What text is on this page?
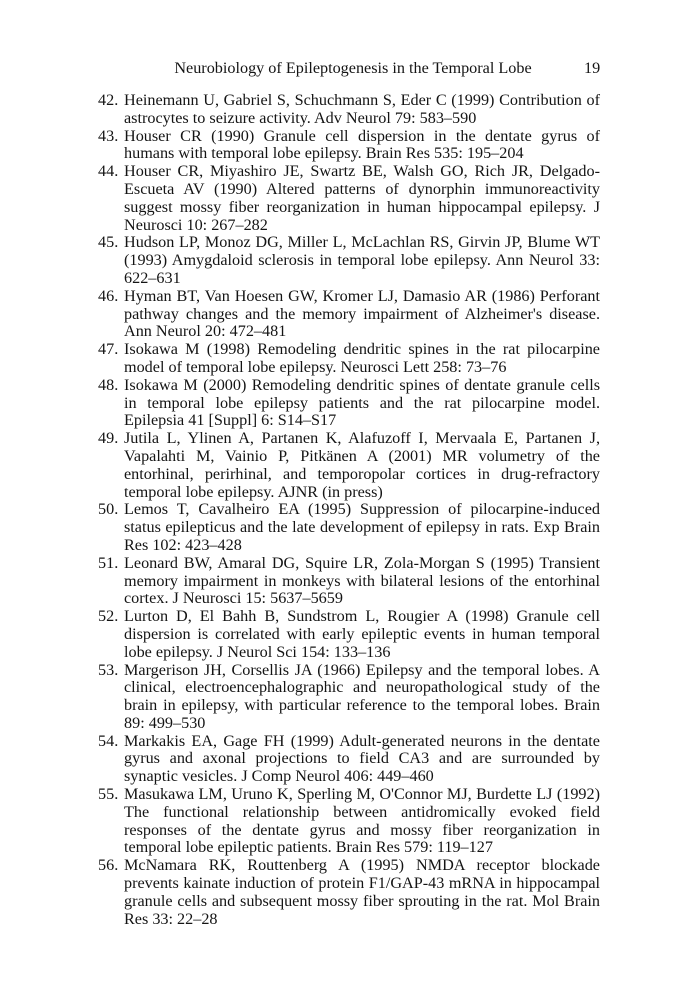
Neurobiology of Epileptogenesis in the Temporal Lobe	19
42. Heinemann U, Gabriel S, Schuchmann S, Eder C (1999) Contribution of astrocytes to seizure activity. Adv Neurol 79: 583–590
43. Houser CR (1990) Granule cell dispersion in the dentate gyrus of humans with temporal lobe epilepsy. Brain Res 535: 195–204
44. Houser CR, Miyashiro JE, Swartz BE, Walsh GO, Rich JR, Delgado-Escueta AV (1990) Altered patterns of dynorphin immunoreactivity suggest mossy fiber reorganization in human hippocampal epilepsy. J Neurosci 10: 267–282
45. Hudson LP, Monoz DG, Miller L, McLachlan RS, Girvin JP, Blume WT (1993) Amygdaloid sclerosis in temporal lobe epilepsy. Ann Neurol 33: 622–631
46. Hyman BT, Van Hoesen GW, Kromer LJ, Damasio AR (1986) Perforant pathway changes and the memory impairment of Alzheimer's disease. Ann Neurol 20: 472–481
47. Isokawa M (1998) Remodeling dendritic spines in the rat pilocarpine model of temporal lobe epilepsy. Neurosci Lett 258: 73–76
48. Isokawa M (2000) Remodeling dendritic spines of dentate granule cells in temporal lobe epilepsy patients and the rat pilocarpine model. Epilepsia 41 [Suppl] 6: S14–S17
49. Jutila L, Ylinen A, Partanen K, Alafuzoff I, Mervaala E, Partanen J, Vapalahti M, Vainio P, Pitkänen A (2001) MR volumetry of the entorhinal, perirhinal, and temporopolar cortices in drug-refractory temporal lobe epilepsy. AJNR (in press)
50. Lemos T, Cavalheiro EA (1995) Suppression of pilocarpine-induced status epilepticus and the late development of epilepsy in rats. Exp Brain Res 102: 423–428
51. Leonard BW, Amaral DG, Squire LR, Zola-Morgan S (1995) Transient memory impairment in monkeys with bilateral lesions of the entorhinal cortex. J Neurosci 15: 5637–5659
52. Lurton D, El Bahh B, Sundstrom L, Rougier A (1998) Granule cell dispersion is correlated with early epileptic events in human temporal lobe epilepsy. J Neurol Sci 154: 133–136
53. Margerison JH, Corsellis JA (1966) Epilepsy and the temporal lobes. A clinical, electroencephalographic and neuropathological study of the brain in epilepsy, with particular reference to the temporal lobes. Brain 89: 499–530
54. Markakis EA, Gage FH (1999) Adult-generated neurons in the dentate gyrus and axonal projections to field CA3 and are surrounded by synaptic vesicles. J Comp Neurol 406: 449–460
55. Masukawa LM, Uruno K, Sperling M, O'Connor MJ, Burdette LJ (1992) The functional relationship between antidromically evoked field responses of the dentate gyrus and mossy fiber reorganization in temporal lobe epileptic patients. Brain Res 579: 119–127
56. McNamara RK, Routtenberg A (1995) NMDA receptor blockade prevents kainate induction of protein F1/GAP-43 mRNA in hippocampal granule cells and subsequent mossy fiber sprouting in the rat. Mol Brain Res 33: 22–28
